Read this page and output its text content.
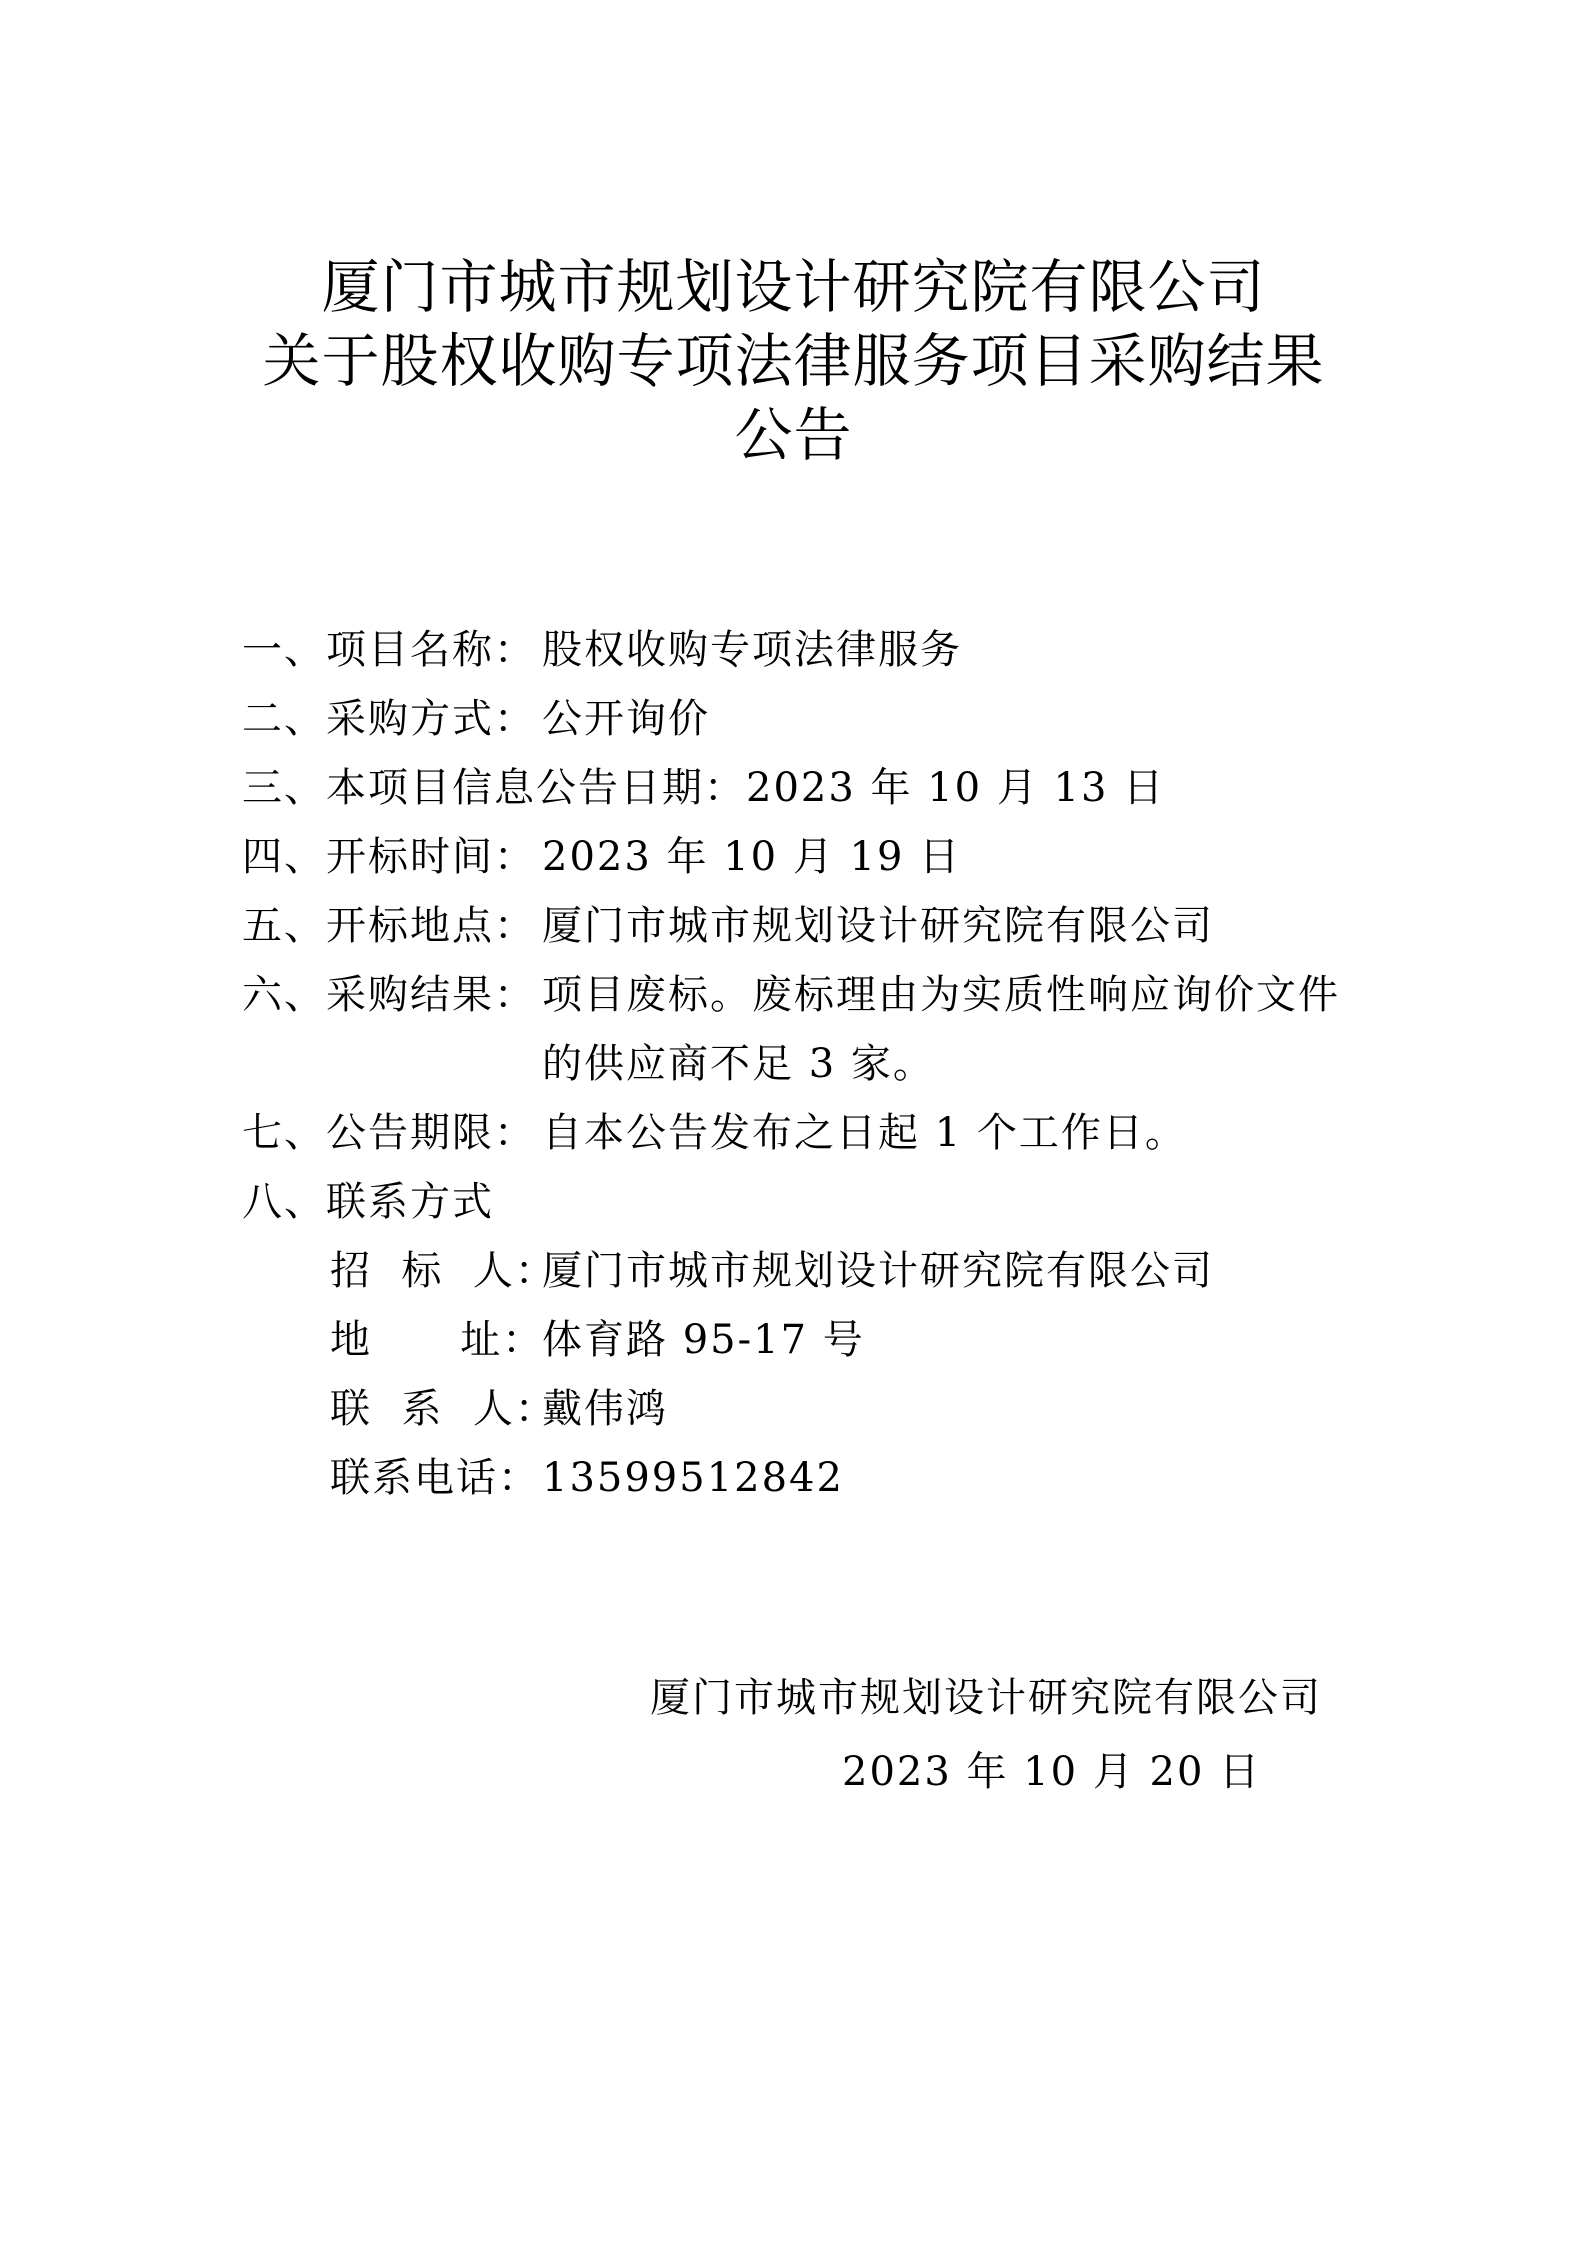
厦门市城市规划设计研究院有限公司
关于股权收购专项法律服务项目采购结果
公告
一、项目名称： 股权收购专项法律服务
二、采购方式： 公开询价
三、本项目信息公告日期： 2023 年 10 月 13 日
四、开标时间： 2023 年 10 月 19 日
五、开标地点： 厦门市城市规划设计研究院有限公司
六、采购结果： 项目废标。废标理由为实质性响应询价文件的供应商不足 3 家。
七、公告期限： 自本公告发布之日起 1 个工作日。
八、联系方式
招  标  人：
厦门市城市规划设计研究院有限公司
地      址：
体育路 95-17 号
联  系  人：
戴伟鸿
联系电话： 13599512842
厦门市城市规划设计研究院有限公司
2023 年 10 月 20 日
